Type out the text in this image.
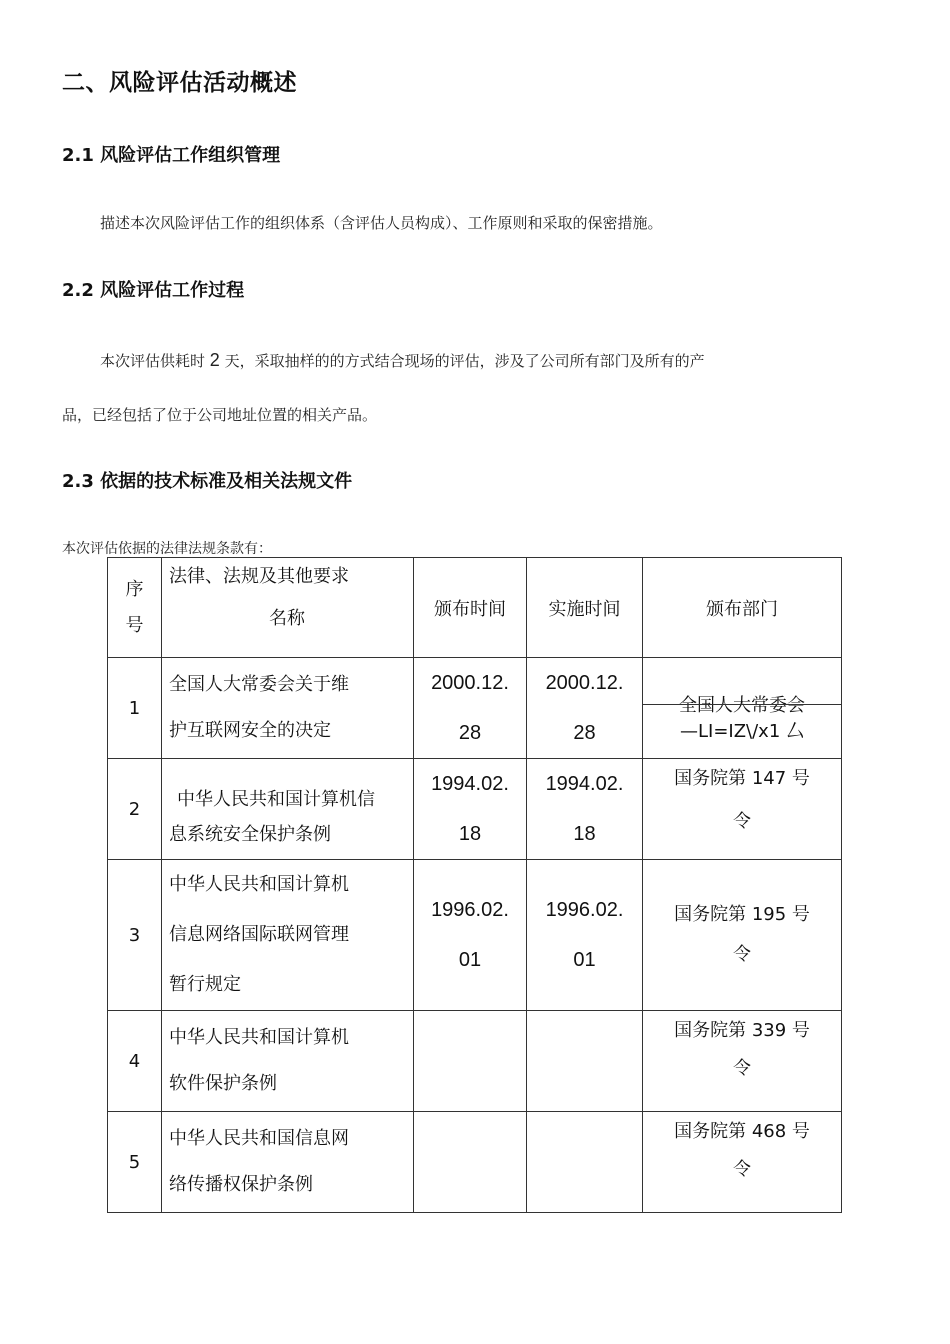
二、风险评估活动概述
2.1 风险评估工作组织管理
描述本次风险评估工作的组织体系（含评估人员构成）、工作原则和采取的保密措施。
2.2 风险评估工作过程
本次评估供耗时 2 天，采取抽样的的方式结合现场的评估，涉及了公司所有部门及所有的产
品，已经包括了位于公司地址位置的相关产品。
2.3 依据的技术标准及相关法规文件
本次评估依据的法律法规条款有：
序
号	法律、法规及其他要求
名称	颁布时间	实施时间	颁布部门
1	全国人大常委会关于维
护互联网安全的决定	2000.12.
28	2000.12.
28	全国人大常委会
—LI=IZ\/x1 厶

2	中华人民共和国计算机信
息系统安全保护条例	1994.02.
18	1994.02.
18	国务院第 147 号
令

3	中华人民共和国计算机
信息网络国际联网管理
暂行规定	1996.02.
01	1996.02.
01	国务院第 195 号
令

4	中华人民共和国计算机
软件保护条例			国务院第 339 号
令

5	中华人民共和国信息网
络传播权保护条例			国务院第 468 号
令
